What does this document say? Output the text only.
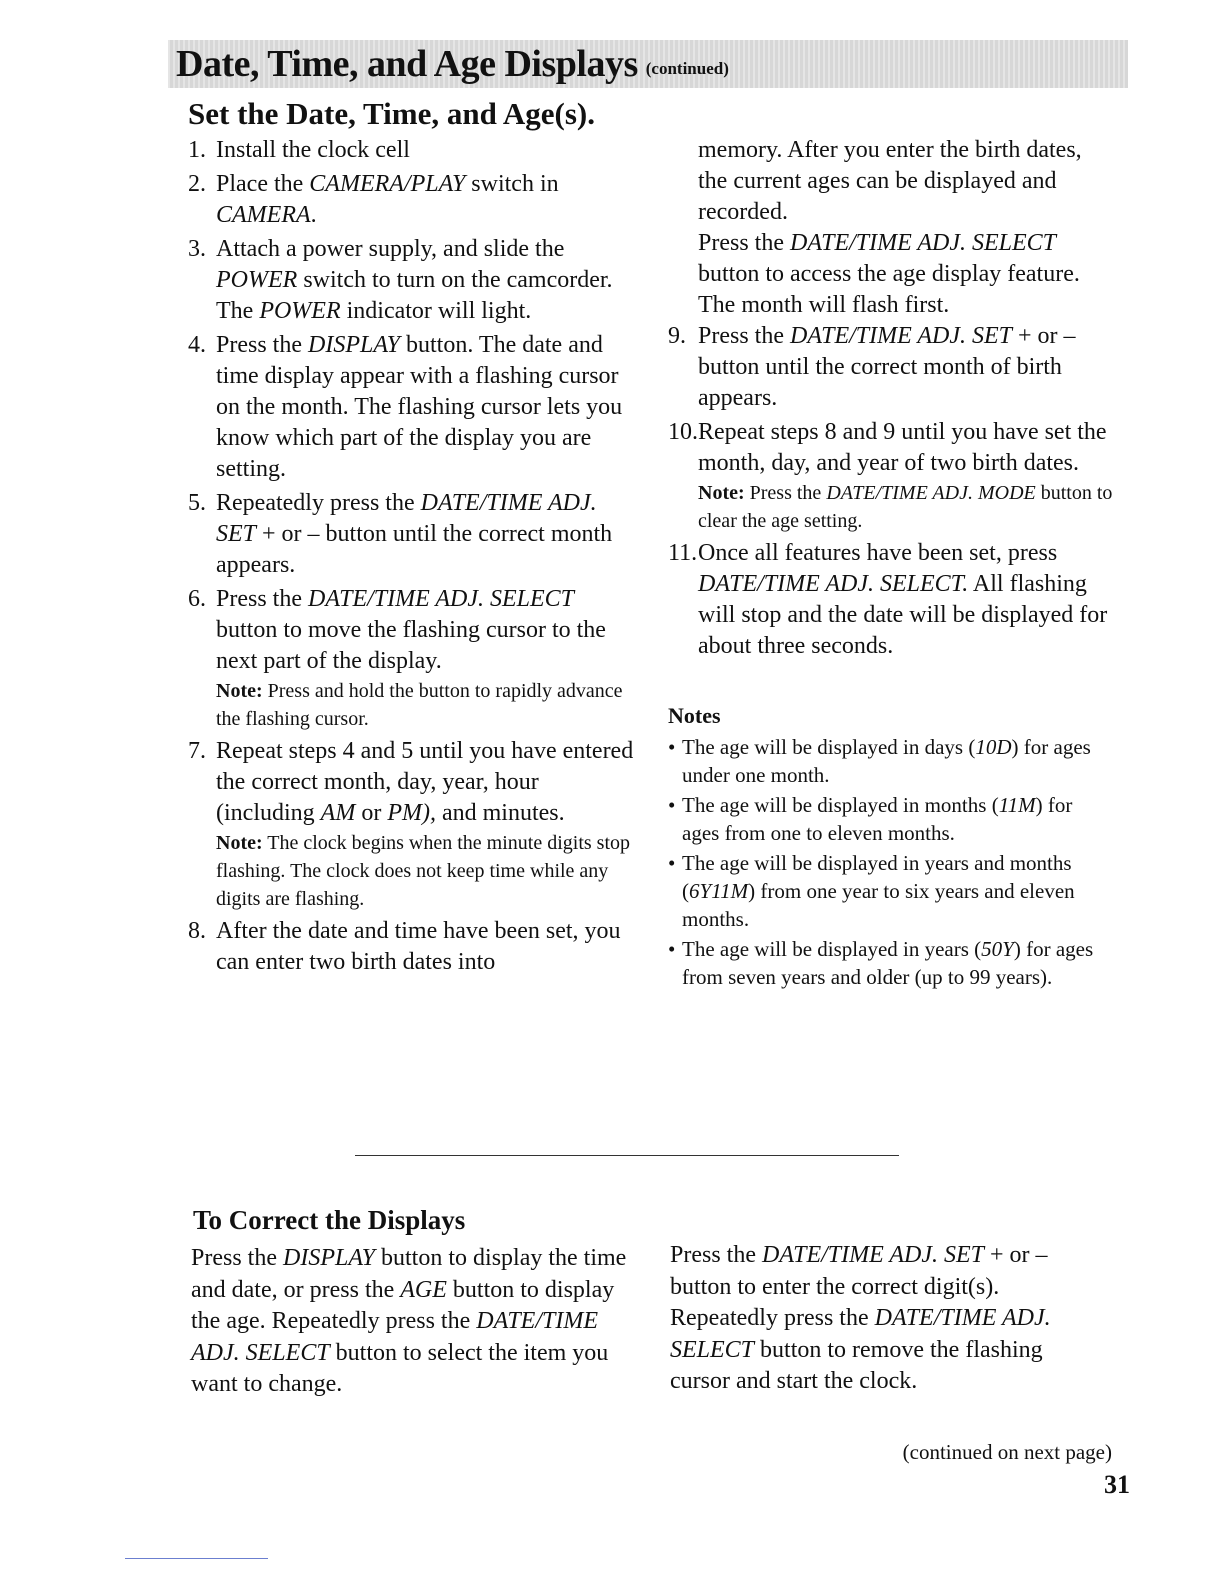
Date, Time, and Age Displays (continued)
Set the Date, Time, and Age(s).
1. Install the clock cell
2. Place the CAMERA/PLAY switch in CAMERA.
3. Attach a power supply, and slide the POWER switch to turn on the camcorder. The POWER indicator will light.
4. Press the DISPLAY button. The date and time display appear with a flashing cursor on the month. The flashing cursor lets you know which part of the display you are setting.
5. Repeatedly press the DATE/TIME ADJ. SET + or – button until the correct month appears.
6. Press the DATE/TIME ADJ. SELECT button to move the flashing cursor to the next part of the display.

Note: Press and hold the button to rapidly advance the flashing cursor.

7. Repeat steps 4 and 5 until you have entered the correct month, day, year, hour (including AM or PM), and minutes.

Note: The clock begins when the minute digits stop flashing. The clock does not keep time while any digits are flashing.

8. After the date and time have been set, you can enter two birth dates into

memory. After you enter the birth dates, the current ages can be displayed and recorded.

Press the DATE/TIME ADJ. SELECT button to access the age display feature. The month will flash first.

9. Press the DATE/TIME ADJ. SET + or – button until the correct month of birth appears.
10. Repeat steps 8 and 9 until you have set the month, day, and year of two birth dates.

Note: Press the DATE/TIME ADJ. MODE button to clear the age setting.

11. Once all features have been set, press DATE/TIME ADJ. SELECT. All flashing will stop and the date will be displayed for about three seconds.
Notes
• The age will be displayed in days (10D) for ages under one month.
• The age will be displayed in months (11M) for ages from one to eleven months.
• The age will be displayed in years and months (6Y11M) from one year to six years and eleven months.
• The age will be displayed in years (50Y) for ages from seven years and older (up to 99 years).
To Correct the Displays
Press the DISPLAY button to display the time and date, or press the AGE button to display the age. Repeatedly press the DATE/TIME ADJ. SELECT button to select the item you want to change.
Press the DATE/TIME ADJ. SET + or – button to enter the correct digit(s). Repeatedly press the DATE/TIME ADJ. SELECT button to remove the flashing cursor and start the clock.
(continued on next page)
31
